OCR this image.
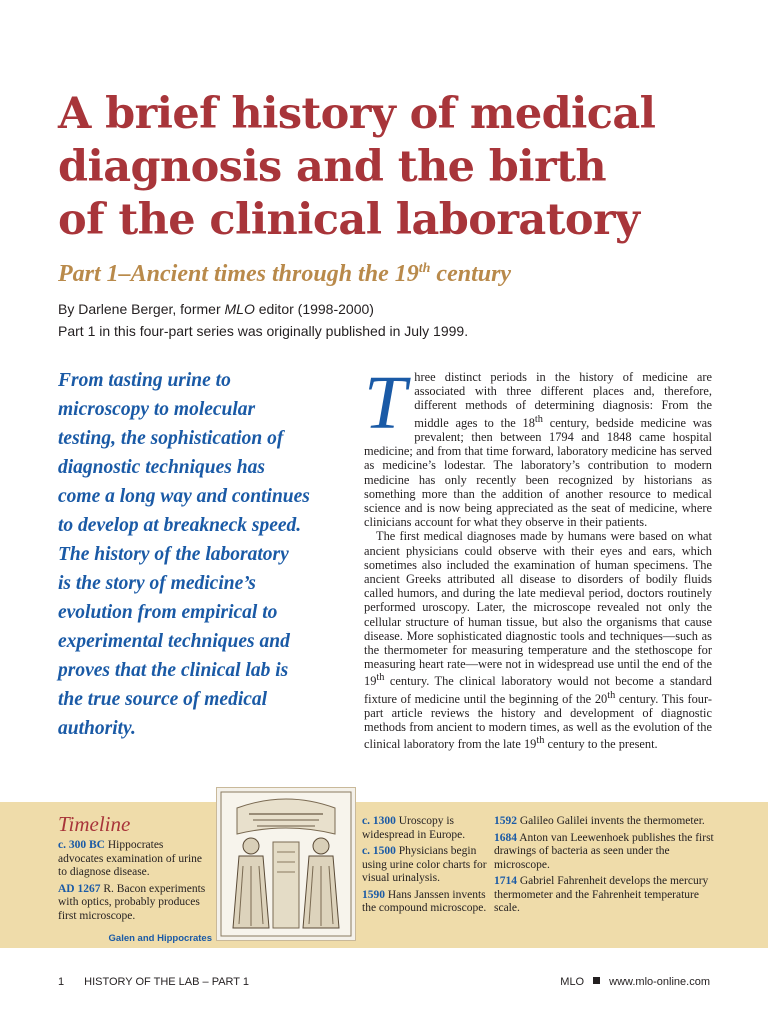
A brief history of medical
diagnosis and the birth
of the clinical laboratory
Part 1–Ancient times through the 19th century
By Darlene Berger, former MLO editor (1998-2000)
Part 1 in this four-part series was originally published in July 1999.
From tasting urine to
microscopy to molecular
testing, the sophistication of
diagnostic techniques has
come a long way and continues
to develop at breakneck speed.
The history of the laboratory
is the story of medicine’s
evolution from empirical to
experimental techniques and
proves that the clinical lab is
the true source of medical
authority.

Three distinct periods in the history of medicine are associated with three different places and, therefore, different methods of determining diagnosis: From the middle ages to the 18th century, bedside medicine was prevalent; then between 1794 and 1848 came hospital medicine; and from that time forward, laboratory medicine has served as medicine’s lodestar. The laboratory’s contribution to modern medicine has only recently been recognized by historians as something more than the addition of another resource to medical science and is now being appreciated as the seat of medicine, where clinicians account for what they observe in their patients.

The first medical diagnoses made by humans were based on what ancient physicians could observe with their eyes and ears, which sometimes also included the examination of human specimens. The ancient Greeks attributed all disease to disorders of bodily fluids called humors, and during the late medieval period, doctors routinely performed uroscopy. Later, the microscope revealed not only the cellular structure of human tissue, but also the organisms that cause disease. More sophisticated diagnostic tools and techniques—such as the thermometer for measuring temperature and the stethoscope for measuring heart rate—were not in widespread use until the end of the 19th century. The clinical laboratory would not become a standard fixture of medicine until the beginning of the 20th century. This four-part article reviews the history and development of diagnostic methods from ancient to modern times, as well as the evolution of the clinical laboratory from the late 19th century to the present.

Timeline
c. 300 BC Hippocrates advocates examination of urine to diagnose disease.
AD 1267 R. Bacon experiments with optics, probably produces first microscope.
Galen and Hippocrates
c. 1300 Uroscopy is widespread in Europe.
c. 1500 Physicians begin using urine color charts for visual urinalysis.
1590 Hans Janssen invents the compound microscope.
1592 Galileo Galilei invents the thermometer.
1684 Anton van Leewenhoek publishes the first drawings of bacteria as seen under the microscope.
1714 Gabriel Fahrenheit develops the mercury thermometer and the Fahrenheit temperature scale.
1 HISTORY OF THE LAB – PART 1	MLO www.mlo-online.com
